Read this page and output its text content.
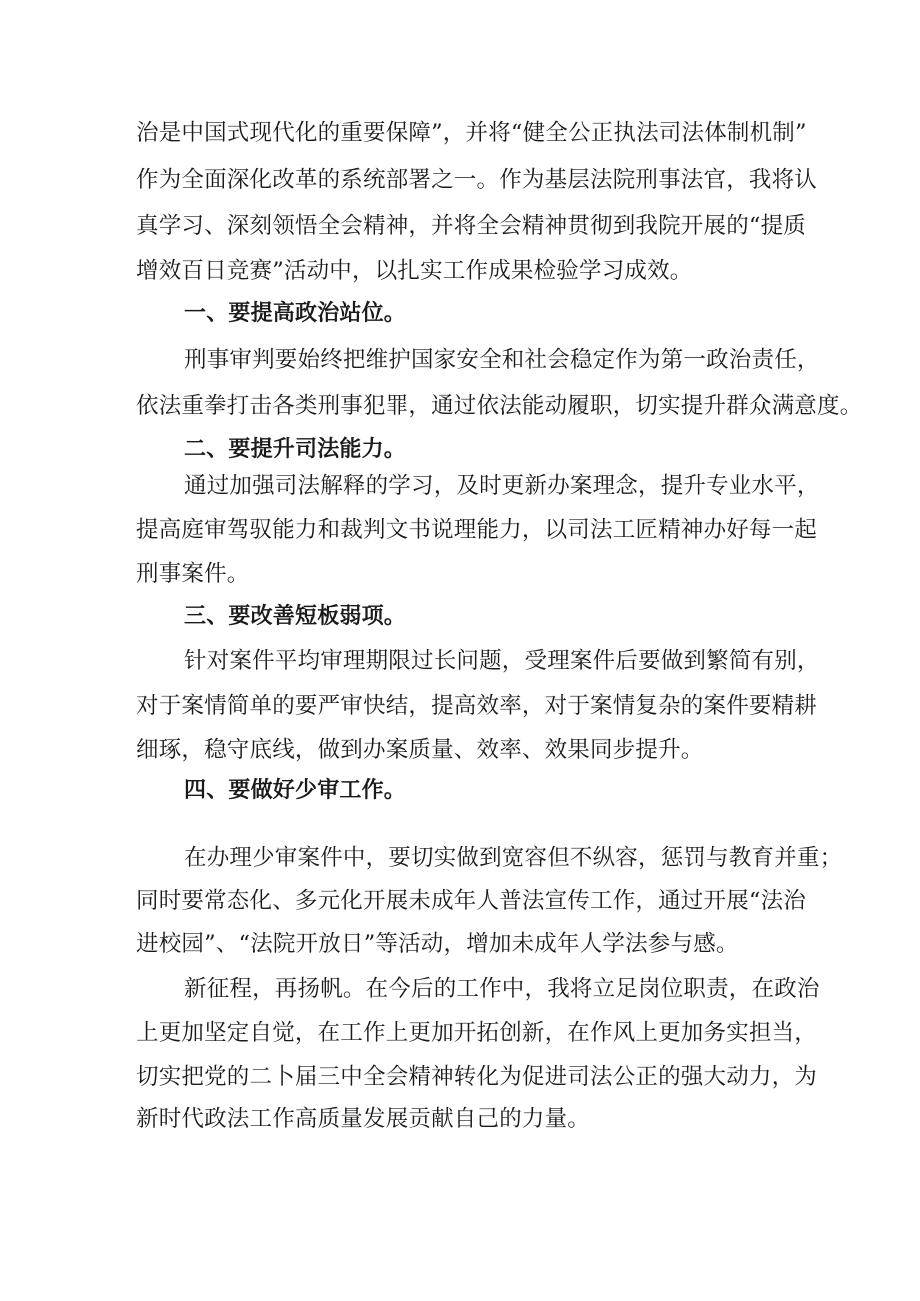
治是中国式现代化的重要保障”，并将“健全公正执法司法体制机制”
作为全面深化改革的系统部署之一。作为基层法院刑事法官，我将认
真学习、深刻领悟全会精神，并将全会精神贯彻到我院开展的“提质
增效百日竞赛”活动中，以扎实工作成果检验学习成效。
一、要提高政治站位。
刑事审判要始终把维护国家安全和社会稳定作为第一政治责任，
依法重拳打击各类刑事犯罪，通过依法能动履职，切实提升群众满意度。
二、要提升司法能力。
通过加强司法解释的学习，及时更新办案理念，提升专业水平，
提高庭审驾驭能力和裁判文书说理能力，以司法工匠精神办好每一起
刑事案件。
三、要改善短板弱项。
针对案件平均审理期限过长问题，受理案件后要做到繁简有别，
对于案情简单的要严审快结，提高效率，对于案情复杂的案件要精耕
细琢，稳守底线，做到办案质量、效率、效果同步提升。
四、要做好少审工作。
在办理少审案件中，要切实做到宽容但不纵容，惩罚与教育并重；
同时要常态化、多元化开展未成年人普法宣传工作，通过开展“法治
进校园”、“法院开放日”等活动，增加未成年人学法参与感。
新征程，再扬帆。在今后的工作中，我将立足岗位职责，在政治
上更加坚定自觉，在工作上更加开拓创新，在作风上更加务实担当，
切实把党的二卜届三中全会精神转化为促进司法公正的强大动力，为
新时代政法工作高质量发展贡献自己的力量。
